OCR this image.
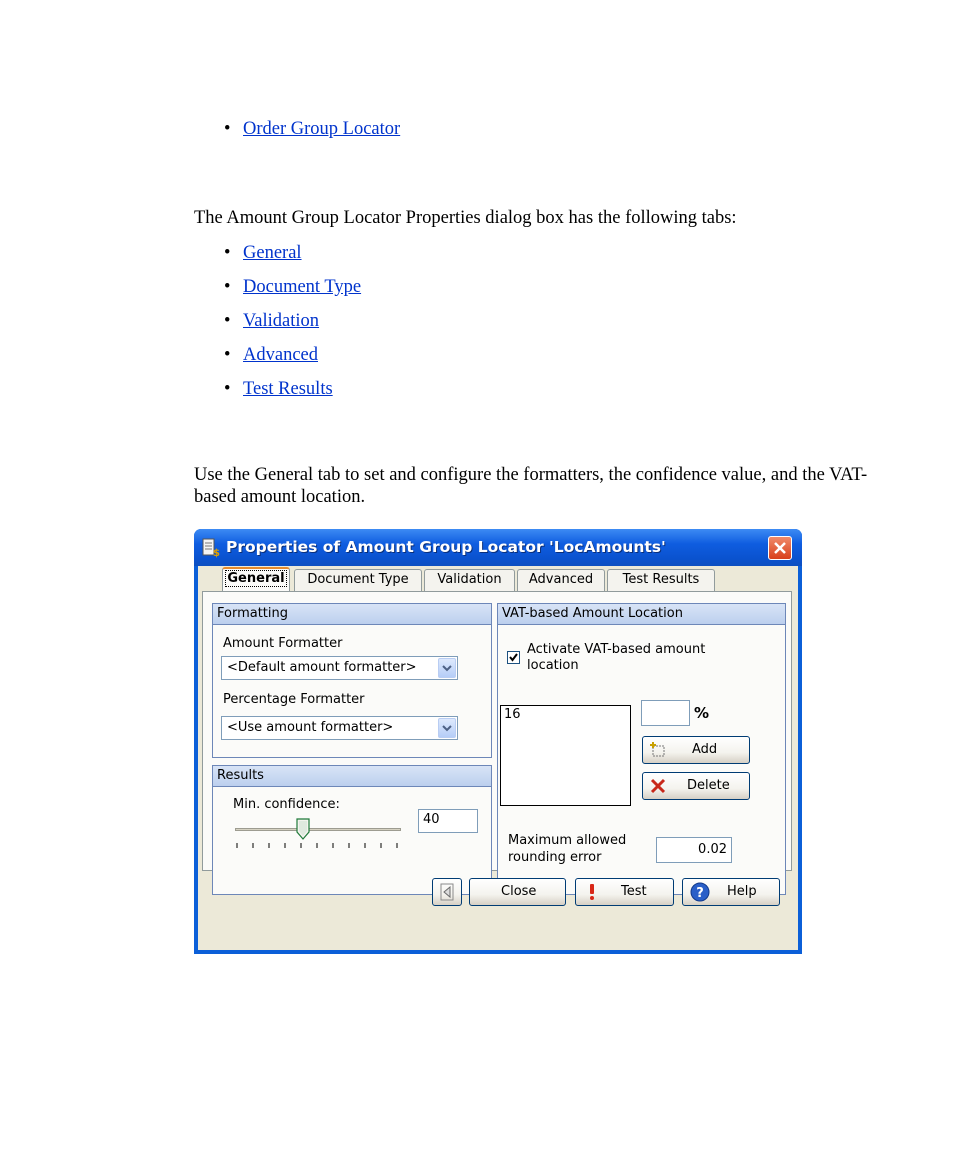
• Order Group Locator

The Amount Group Locator Properties dialog box has the following tabs:

• General
• Document Type
• Validation
• Advanced
• Test Results

Use the General tab to set and configure the formatters, the confidence value, and the VAT-based amount location.

$ Properties of Amount Group Locator 'LocAmounts'
General	Document Type	Validation	Advanced	Test Results
Formatting
Amount Formatter
<Default amount formatter>
Percentage Formatter
<Use amount formatter>
Results
Min. confidence:
40
VAT-based Amount Location
Activate VAT-based amount location
16	%
Add
Delete
Maximum allowed rounding error
0.02
Close	Test	? Help
